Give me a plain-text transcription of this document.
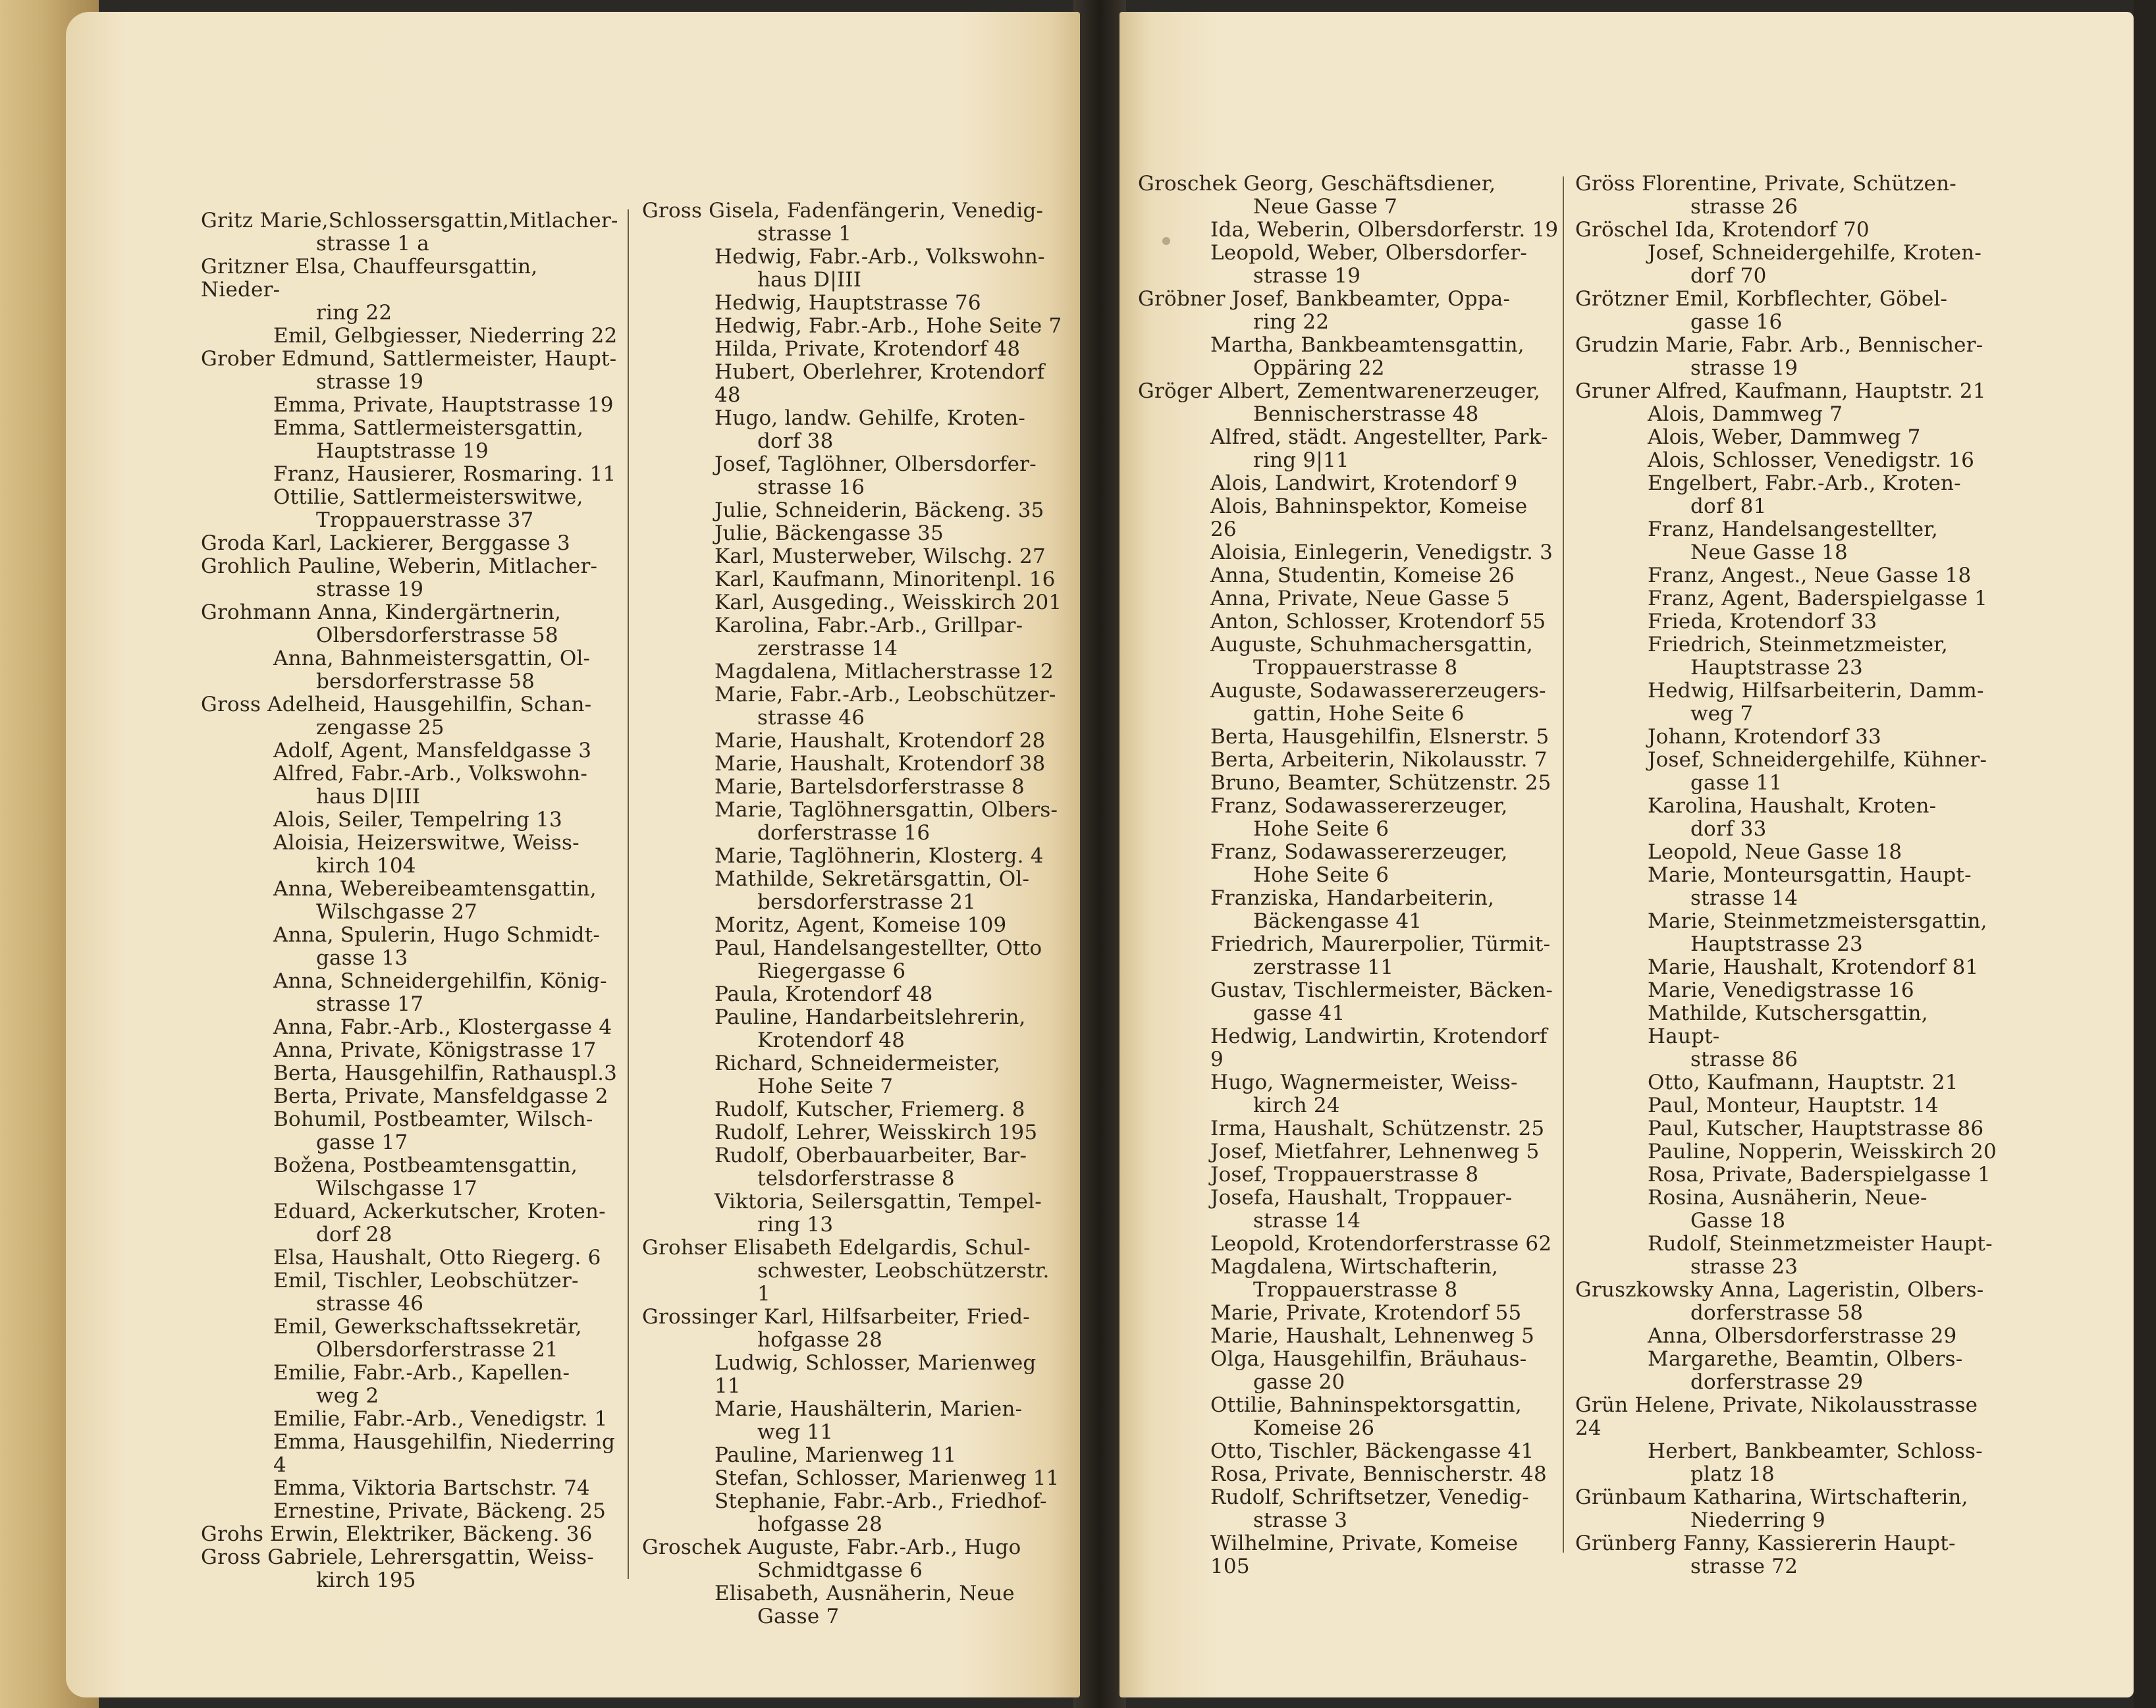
Gritz Marie,Schlossersgattin,Mitlacher-
strasse 1 a
Gritzner Elsa, Chauffeursgattin, Nieder-
ring 22
Emil, Gelbgiesser, Niederring 22
Grober Edmund, Sattlermeister, Haupt-
strasse 19
Emma, Private, Hauptstrasse 19
Emma, Sattlermeistersgattin,
Hauptstrasse 19
Franz, Hausierer, Rosmaring. 11
Ottilie, Sattlermeisterswitwe,
Troppauerstrasse 37
Groda Karl, Lackierer, Berggasse 3
Grohlich Pauline, Weberin, Mitlacher-
strasse 19
Grohmann Anna, Kindergärtnerin,
Olbersdorferstrasse 58
Anna, Bahnmeistersgattin, Ol-
bersdorferstrasse 58
Gross Adelheid, Hausgehilfin, Schan-
zengasse 25
Adolf, Agent, Mansfeldgasse 3
Alfred, Fabr.-Arb., Volkswohn-
haus D|III
Alois, Seiler, Tempelring 13
Aloisia, Heizerswitwe, Weiss-
kirch 104
Anna, Webereibeamtensgattin,
Wilschgasse 27
Anna, Spulerin, Hugo Schmidt-
gasse 13
Anna, Schneidergehilfin, König-
strasse 17
Anna, Fabr.-Arb., Klostergasse 4
Anna, Private, Königstrasse 17
Berta, Hausgehilfin, Rathauspl.3
Berta, Private, Mansfeldgasse 2
Bohumil, Postbeamter, Wilsch-
gasse 17
Božena, Postbeamtensgattin,
Wilschgasse 17
Eduard, Ackerkutscher, Kroten-
dorf 28
Elsa, Haushalt, Otto Riegerg. 6
Emil, Tischler, Leobschützer-
strasse 46
Emil, Gewerkschaftssekretär,
Olbersdorferstrasse 21
Emilie, Fabr.-Arb., Kapellen-
weg 2
Emilie, Fabr.-Arb., Venedigstr. 1
Emma, Hausgehilfin, Niederring 4
Emma, Viktoria Bartschstr. 74
Ernestine, Private, Bäckeng. 25
Grohs Erwin, Elektriker, Bäckeng. 36
Gross Gabriele, Lehrersgattin, Weiss-
kirch 195
Gross Gisela, Fadenfängerin, Venedig-
strasse 1
Hedwig, Fabr.-Arb., Volkswohn-
haus D|III
Hedwig, Hauptstrasse 76
Hedwig, Fabr.-Arb., Hohe Seite 7
Hilda, Private, Krotendorf 48
Hubert, Oberlehrer, Krotendorf 48
Hugo, landw. Gehilfe, Kroten-
dorf 38
Josef, Taglöhner, Olbersdorfer-
strasse 16
Julie, Schneiderin, Bäckeng. 35
Julie, Bäckengasse 35
Karl, Musterweber, Wilschg. 27
Karl, Kaufmann, Minoritenpl. 16
Karl, Ausgeding., Weisskirch 201
Karolina, Fabr.-Arb., Grillpar-
zerstrasse 14
Magdalena, Mitlacherstrasse 12
Marie, Fabr.-Arb., Leobschützer-
strasse 46
Marie, Haushalt, Krotendorf 28
Marie, Haushalt, Krotendorf 38
Marie, Bartelsdorferstrasse 8
Marie, Taglöhnersgattin, Olbers-
dorferstrasse 16
Marie, Taglöhnerin, Klosterg. 4
Mathilde, Sekretärsgattin, Ol-
bersdorferstrasse 21
Moritz, Agent, Komeise 109
Paul, Handelsangestellter, Otto
Riegergasse 6
Paula, Krotendorf 48
Pauline, Handarbeitslehrerin,
Krotendorf 48
Richard, Schneidermeister,
Hohe Seite 7
Rudolf, Kutscher, Friemerg. 8
Rudolf, Lehrer, Weisskirch 195
Rudolf, Oberbauarbeiter, Bar-
telsdorferstrasse 8
Viktoria, Seilersgattin, Tempel-
ring 13
Grohser Elisabeth Edelgardis, Schul-
schwester, Leobschützerstr. 1
Grossinger Karl, Hilfsarbeiter, Fried-
hofgasse 28
Ludwig, Schlosser, Marienweg 11
Marie, Haushälterin, Marien-
weg 11
Pauline, Marienweg 11
Stefan, Schlosser, Marienweg 11
Stephanie, Fabr.-Arb., Friedhof-
hofgasse 28
Groschek Auguste, Fabr.-Arb., Hugo
Schmidtgasse 6
Elisabeth, Ausnäherin, Neue
Gasse 7
Groschek Georg, Geschäftsdiener,
Neue Gasse 7
Ida, Weberin, Olbersdorferstr. 19
Leopold, Weber, Olbersdorfer-
strasse 19
Gröbner Josef, Bankbeamter, Oppa-
ring 22
Martha, Bankbeamtensgattin,
Oppäring 22
Gröger Albert, Zementwarenerzeuger,
Bennischerstrasse 48
Alfred, städt. Angestellter, Park-
ring 9|11
Alois, Landwirt, Krotendorf 9
Alois, Bahninspektor, Komeise 26
Aloisia, Einlegerin, Venedigstr. 3
Anna, Studentin, Komeise 26
Anna, Private, Neue Gasse 5
Anton, Schlosser, Krotendorf 55
Auguste, Schuhmachersgattin,
Troppauerstrasse 8
Auguste, Sodawassererzeugers-
gattin, Hohe Seite 6
Berta, Hausgehilfin, Elsnerstr. 5
Berta, Arbeiterin, Nikolausstr. 7
Bruno, Beamter, Schützenstr. 25
Franz, Sodawassererzeuger,
Hohe Seite 6
Franz, Sodawassererzeuger,
Hohe Seite 6
Franziska, Handarbeiterin,
Bäckengasse 41
Friedrich, Maurerpolier, Türmit-
zerstrasse 11
Gustav, Tischlermeister, Bäcken-
gasse 41
Hedwig, Landwirtin, Krotendorf 9
Hugo, Wagnermeister, Weiss-
kirch 24
Irma, Haushalt, Schützenstr. 25
Josef, Mietfahrer, Lehnenweg 5
Josef, Troppauerstrasse 8
Josefa, Haushalt, Troppauer-
strasse 14
Leopold, Krotendorferstrasse 62
Magdalena, Wirtschafterin,
Troppauerstrasse 8
Marie, Private, Krotendorf 55
Marie, Haushalt, Lehnenweg 5
Olga, Hausgehilfin, Bräuhaus-
gasse 20
Ottilie, Bahninspektorsgattin,
Komeise 26
Otto, Tischler, Bäckengasse 41
Rosa, Private, Bennischerstr. 48
Rudolf, Schriftsetzer, Venedig-
strasse 3
Wilhelmine, Private, Komeise 105
Gröss Florentine, Private, Schützen-
strasse 26
Gröschel Ida, Krotendorf 70
Josef, Schneidergehilfe, Kroten-
dorf 70
Grötzner Emil, Korbflechter, Göbel-
gasse 16
Grudzin Marie, Fabr. Arb., Bennischer-
strasse 19
Gruner Alfred, Kaufmann, Hauptstr. 21
Alois, Dammweg 7
Alois, Weber, Dammweg 7
Alois, Schlosser, Venedigstr. 16
Engelbert, Fabr.-Arb., Kroten-
dorf 81
Franz, Handelsangestellter,
Neue Gasse 18
Franz, Angest., Neue Gasse 18
Franz, Agent, Baderspielgasse 1
Frieda, Krotendorf 33
Friedrich, Steinmetzmeister,
Hauptstrasse 23
Hedwig, Hilfsarbeiterin, Damm-
weg 7
Johann, Krotendorf 33
Josef, Schneidergehilfe, Kühner-
gasse 11
Karolina, Haushalt, Kroten-
dorf 33
Leopold, Neue Gasse 18
Marie, Monteursgattin, Haupt-
strasse 14
Marie, Steinmetzmeistersgattin,
Hauptstrasse 23
Marie, Haushalt, Krotendorf 81
Marie, Venedigstrasse 16
Mathilde, Kutschersgattin, Haupt-
strasse 86
Otto, Kaufmann, Hauptstr. 21
Paul, Monteur, Hauptstr. 14
Paul, Kutscher, Hauptstrasse 86
Pauline, Nopperin, Weisskirch 20
Rosa, Private, Baderspielgasse 1
Rosina, Ausnäherin, Neue-
Gasse 18
Rudolf, Steinmetzmeister Haupt-
strasse 23
Gruszkowsky Anna, Lageristin, Olbers-
dorferstrasse 58
Anna, Olbersdorferstrasse 29
Margarethe, Beamtin, Olbers-
dorferstrasse 29
Grün Helene, Private, Nikolausstrasse 24
Herbert, Bankbeamter, Schloss-
platz 18
Grünbaum Katharina, Wirtschafterin,
Niederring 9
Grünberg Fanny, Kassiererin Haupt-
strasse 72
